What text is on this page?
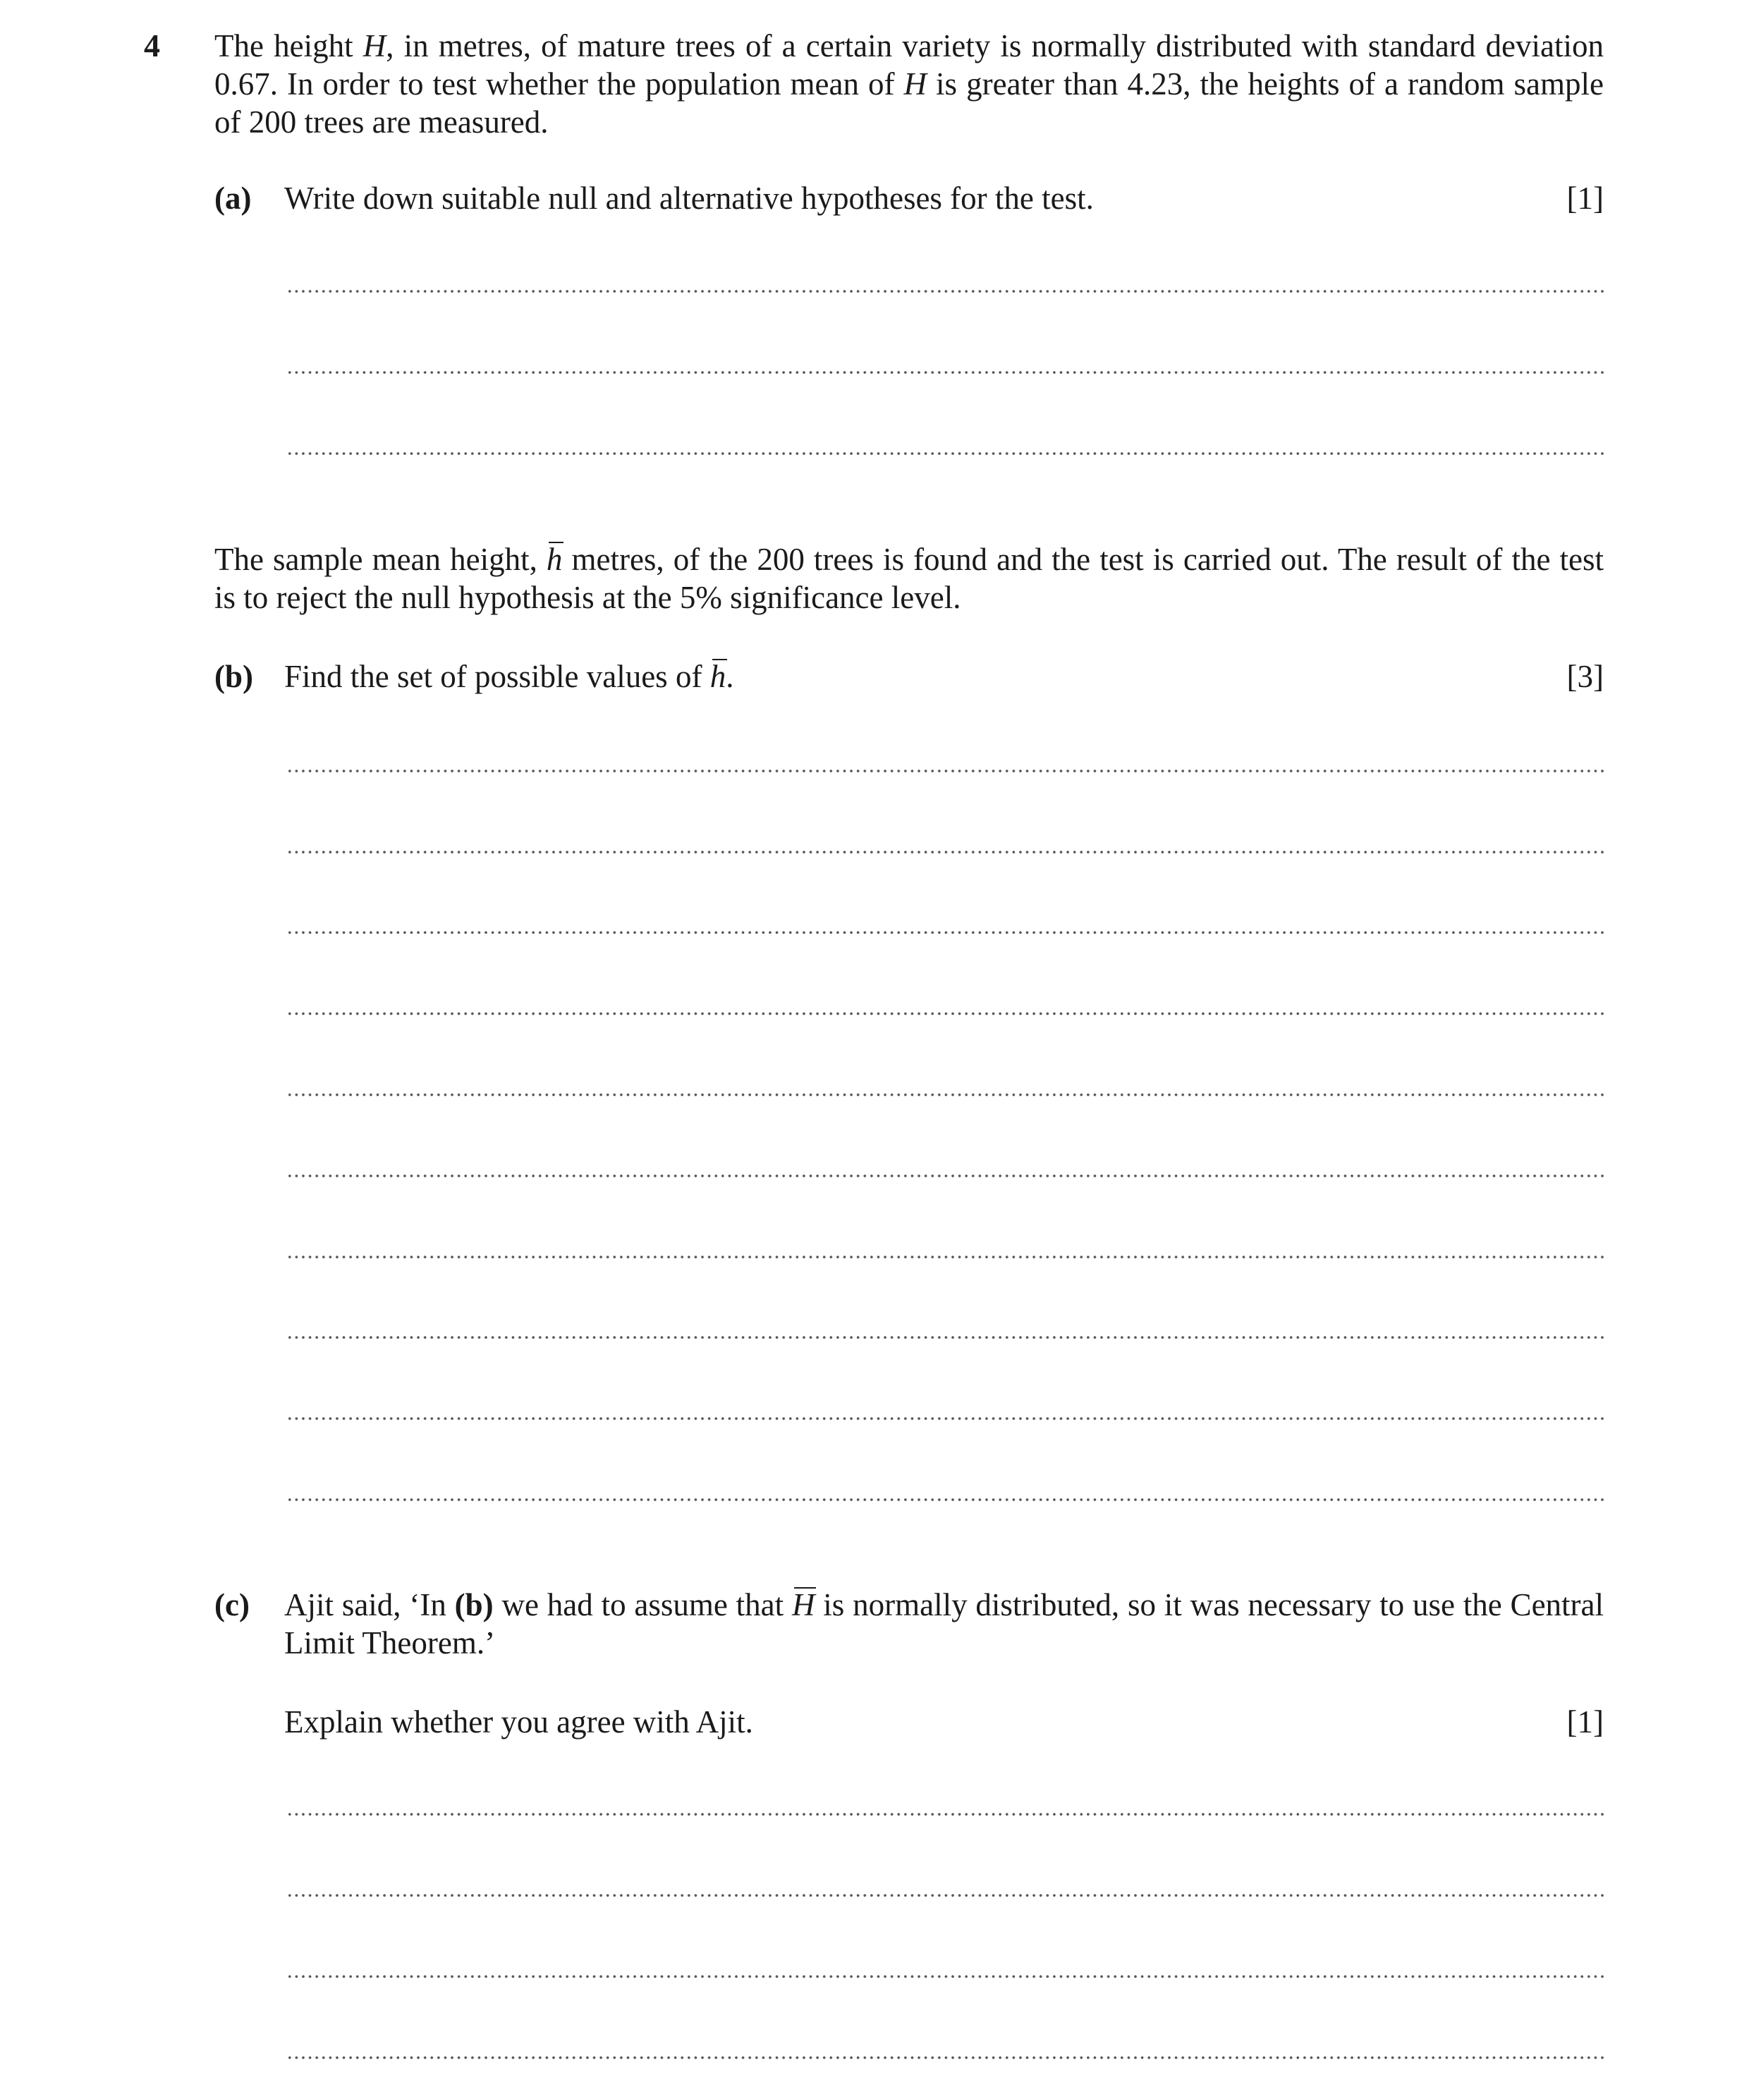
4 The height H, in metres, of mature trees of a certain variety is normally distributed with standard deviation 0.67. In order to test whether the population mean of H is greater than 4.23, the heights of a random sample of 200 trees are measured.
(a) Write down suitable null and alternative hypotheses for the test.	[1]
The sample mean height, h metres, of the 200 trees is found and the test is carried out. The result of the test is to reject the null hypothesis at the 5% significance level.
(b) Find the set of possible values of h.	[3]
(c) Ajit said, ‘In (b) we had to assume that H is normally distributed, so it was necessary to use the Central Limit Theorem.’
Explain whether you agree with Ajit.	[1]
